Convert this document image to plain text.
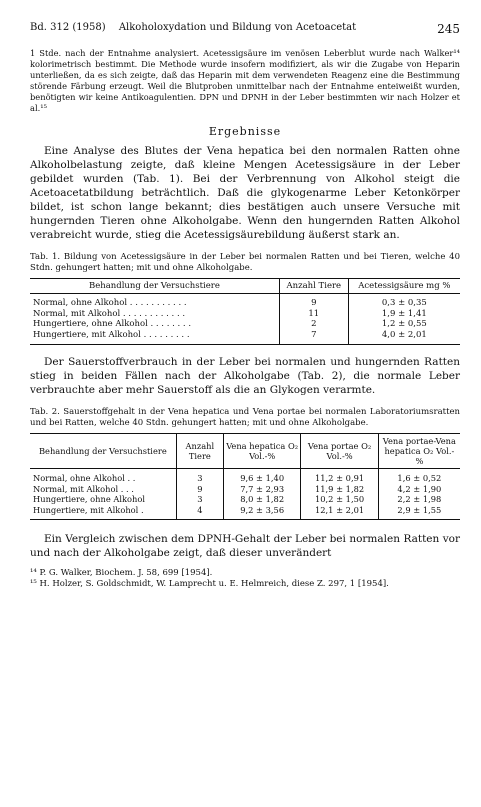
Bd. 312 (1958) Alkoholoxydation und Bildung von Acetoacetat	245

1 Stde. nach der Entnahme analysiert. Acetessigsäure im venösen Leberblut wurde nach Walker¹⁴ kolorimetrisch bestimmt. Die Methode wurde insofern modifiziert, als wir die Zugabe von Heparin unterließen, da es sich zeigte, daß das Heparin mit dem verwendeten Reagenz eine die Bestimmung störende Färbung erzeugt. Weil die Blutproben unmittelbar nach der Entnahme enteiweißt wurden, benötigten wir keine Antikoagulentien. DPN und DPNH in der Leber bestimmten wir nach Holzer et al.¹⁵

Ergebnisse

Eine Analyse des Blutes der Vena hepatica bei den normalen Ratten ohne Alkoholbelastung zeigte, daß kleine Mengen Acetessigsäure in der Leber gebildet wurden (Tab. 1). Bei der Verbrennung von Alkohol steigt die Acetoacetatbildung beträchtlich. Daß die glykogenarme Leber Ketonkörper bildet, ist schon lange bekannt; dies bestätigen auch unsere Versuche mit hungernden Tieren ohne Alkoholgabe. Wenn den hungernden Ratten Alkohol verabreicht wurde, stieg die Acetessigsäurebildung äußerst stark an.

Tab. 1. Bildung von Acetessigsäure in der Leber bei normalen Ratten und bei Tieren, welche 40 Stdn. gehungert hatten; mit und ohne Alkoholgabe.
Behandlung der Versuchstiere	Anzahl Tiere	Acetessigsäure mg %
Normal, ohne Alkohol . . . . . . . . . . .	9	0,3 ± 0,35
Normal, mit Alkohol . . . . . . . . . . . .	11	1,9 ± 1,41
Hungertiere, ohne Alkohol . . . . . . . .	2	1,2 ± 0,55
Hungertiere, mit Alkohol . . . . . . . . .	7	4,0 ± 2,01

Der Sauerstoffverbrauch in der Leber bei normalen und hungernden Ratten stieg in beiden Fällen nach der Alkoholgabe (Tab. 2), die normale Leber verbrauchte aber mehr Sauerstoff als die an Glykogen verarmte.

Tab. 2. Sauerstoffgehalt in der Vena hepatica und Vena portae bei normalen Laboratoriumsratten und bei Ratten, welche 40 Stdn. gehungert hatten; mit und ohne Alkoholgabe.
Behandlung der Versuchstiere	Anzahl Tiere	Vena hepatica O₂ Vol.-%	Vena portae O₂ Vol.-%	Vena portae-Vena hepatica O₂ Vol.-%
Normal, ohne Alkohol . .	3	9,6 ± 1,40	11,2 ± 0,91	1,6 ± 0,52
Normal, mit Alkohol . . .	9	7,7 ± 2,93	11,9 ± 1,82	4,2 ± 1,90
Hungertiere, ohne Alkohol	3	8,0 ± 1,82	10,2 ± 1,50	2,2 ± 1,98
Hungertiere, mit Alkohol .	4	9,2 ± 3,56	12,1 ± 2,01	2,9 ± 1,55

Ein Vergleich zwischen dem DPNH-Gehalt der Leber bei normalen Ratten vor und nach der Alkoholgabe zeigt, daß dieser unverändert

¹⁴ P. G. Walker, Biochem. J. 58, 699 [1954].
¹⁵ H. Holzer, S. Goldschmidt, W. Lamprecht u. E. Helmreich, diese Z. 297, 1 [1954].
